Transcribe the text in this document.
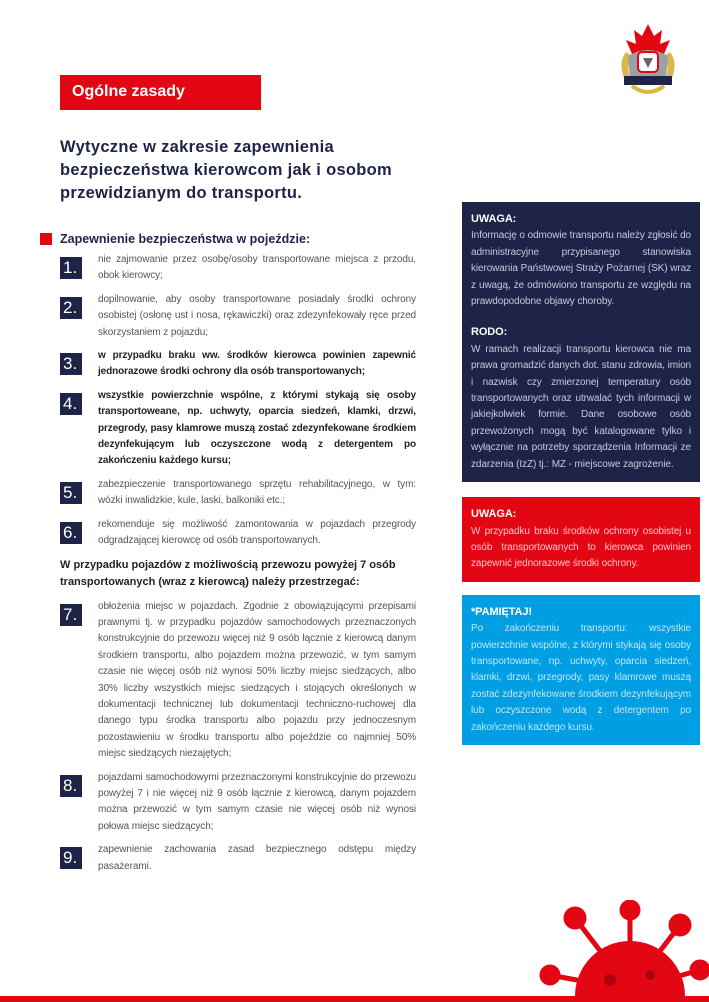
Ogólne zasady
Wytyczne w zakresie zapewnienia bezpieczeństwa kierowcom jak i osobom przewidzianym do transportu.
Zapewnienie bezpieczeństwa w pojeździe:
1.	nie zajmowanie przez osobę/osoby transportowane miejsca z przodu, obok kierowcy;
2.	dopilnowanie, aby osoby transportowane posiadały środki ochrony osobistej (osłonę ust i nosa, rękawiczki) oraz zdezynfekowały ręce przed skorzystaniem z pojazdu;
3.	w przypadku braku ww. środków kierowca powinien zapewnić jednorazowe środki ochrony dla osób transportowanych;
4.	wszystkie powierzchnie wspólne, z którymi stykają się osoby transportoweane, np. uchwyty, oparcia siedzeń, klamki, drzwi, przegrody, pasy klamrowe muszą zostać zdezynfekowane środkiem dezynfekującym lub oczyszczone wodą z detergentem po zakończeniu każdego kursu;
5.	zabezpieczenie transportowanego sprzętu rehabilitacyjnego, w tym: wózki inwalidzkie, kule, laski, balkoniki etc.;
6.	rekomenduje się możliwość zamontowania w pojazdach przegrody odgradzającej kierowcę od osób transportowanych.
W przypadku pojazdów z możliwością przewozu powyżej 7 osób transportowanych (wraz z kierowcą) należy przestrzegać:
7.	obłożenia miejsc w pojazdach. Zgodnie z obowiązującymi przepisami prawnymi tj. w przypadku pojazdów samochodowych przeznaczonych konstrukcyjnie do przewozu więcej niż 9 osób łącznie z kierowcą danym środkiem transportu, albo pojazdem można przewozić, w tym samym czasie nie więcej osób niż wynosi 50% liczby miejsc siedzących, albo 30% liczby wszystkich miejsc siedzących i stojących określonych w dokumentacji technicznej lub dokumentacji techniczno-ruchowej dla danego typu środka transportu albo pojazdu przy jednoczesnym pozostawieniu w środku transportu albo pojeździe co najmniej 50% miejsc siedzących niezajętych;
8.	pojazdami samochodowymi przeznaczonymi konstrukcyjnie do przewozu powyżej 7 i nie więcej niż 9 osób łącznie z kierowcą, danym pojazdem można przewozić w tym samym czasie nie więcej osób niż wynosi połowa miejsc siedzących;
9.	zapewnienie zachowania zasad bezpiecznego odstępu między pasażerami.
UWAGA:

Informację o odmowie transportu należy zgłosić do administracyjne przypisanego stanowiska kierowania Państwowej Straży Pożarnej (SK) wraz z uwagą, że odmówiono transportu ze względu na prawdopodobne objawy choroby.

RODO:

W ramach realizacji transportu kierowca nie ma prawa gromadzić danych dot. stanu zdrowia, imion i nazwisk czy zmierzonej temperatury osób transportowanych oraz utrwalać tych informacji w jakiejkolwiek formie. Dane osobowe osób przewożonych mogą być katalogowane tylko i wyłącznie na potrzeby sporządzenia Informacji ze zdarzenia (IzZ) tj.: MZ - miejscowe zagrożenie.

UWAGA:

W przypadku braku środków ochrony osobistej u osób transportowanych to kierowca powinien zapewnić jednorazowe środki ochrony.

*PAMIĘTAJ!

Po zakończeniu transportu: wszystkie powierzchnie wspólne, z którymi stykają się osoby transportowane, np. uchwyty, oparcia siedzeń, klamki, drzwi, przegrody, pasy klamrowe muszą zostać zdezynfekowane środkiem dezynfekującym lub oczyszczone wodą z detergentem po zakończeniu każdego kursu.
